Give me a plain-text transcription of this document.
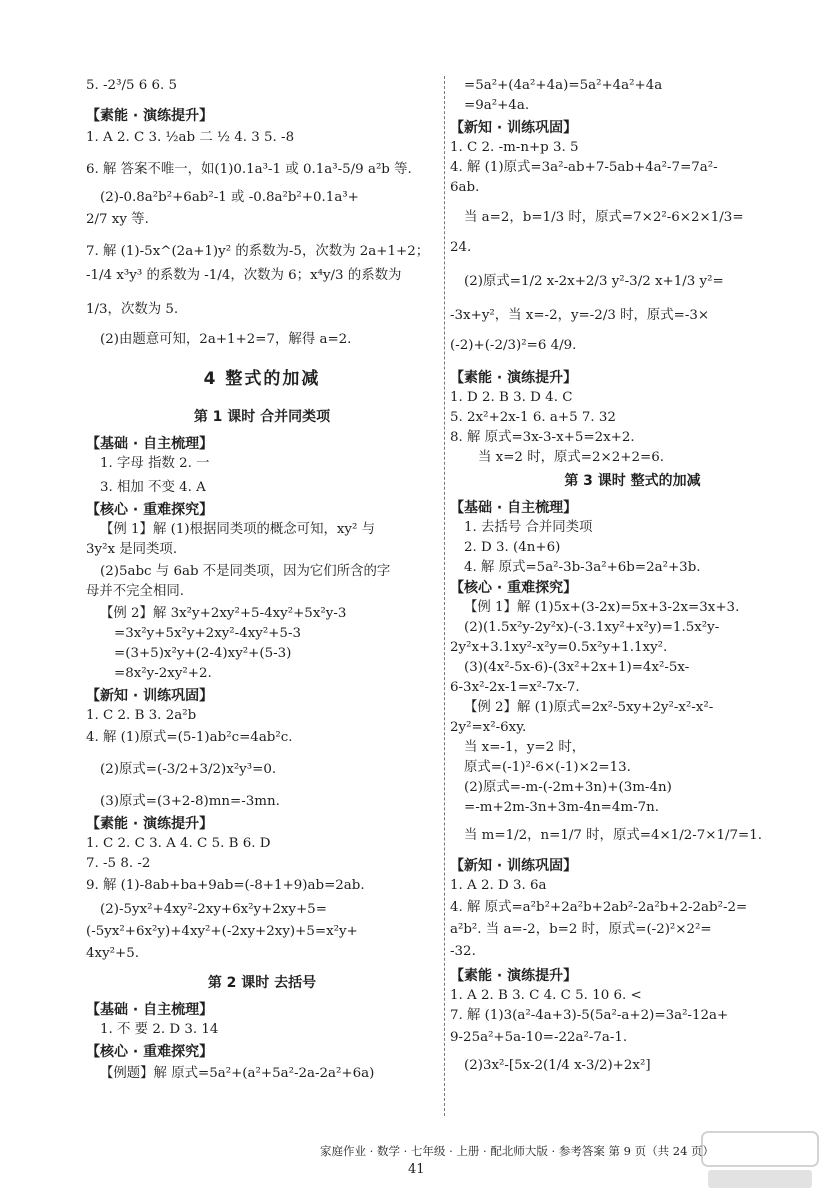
5. -2³/5 6 6. 5
【素能 · 演练提升】
1. A 2. C 3. ½ab 二 ½ 4. 3 5. -8
6. 解 答案不唯一，如(1)0.1a³-1 或 0.1a³-5/9 a²b 等.
(2)-0.8a²b²+6ab²-1 或 -0.8a²b²+0.1a³+
2/7 xy 等.
7. 解 (1)-5x^(2a+1)y² 的系数为-5，次数为 2a+1+2；
-1/4 x³y³ 的系数为 -1/4，次数为 6；x⁴y/3 的系数为
1/3，次数为 5.
(2)由题意可知，2a+1+2=7，解得 a=2.
4 整式的加减
第 1 课时 合并同类项
【基础 · 自主梳理】
1. 字母 指数 2. 一
3. 相加 不变 4. A
【核心 · 重难探究】
【例 1】解 (1)根据同类项的概念可知，xy² 与
3y²x 是同类项.
(2)5abc 与 6ab 不是同类项，因为它们所含的字
母并不完全相同.
【例 2】解 3x²y+2xy²+5-4xy²+5x²y-3
=3x²y+5x²y+2xy²-4xy²+5-3
=(3+5)x²y+(2-4)xy²+(5-3)
=8x²y-2xy²+2.
【新知 · 训练巩固】
1. C 2. B 3. 2a²b
4. 解 (1)原式=(5-1)ab²c=4ab²c.
(2)原式=(-3/2+3/2)x²y³=0.
(3)原式=(3+2-8)mn=-3mn.
【素能 · 演练提升】
1. C 2. C 3. A 4. C 5. B 6. D
7. -5 8. -2
9. 解 (1)-8ab+ba+9ab=(-8+1+9)ab=2ab.
(2)-5yx²+4xy²-2xy+6x²y+2xy+5=
(-5yx²+6x²y)+4xy²+(-2xy+2xy)+5=x²y+
4xy²+5.
第 2 课时 去括号
【基础 · 自主梳理】
1. 不 要 2. D 3. 14
【核心 · 重难探究】
【例题】解 原式=5a²+(a²+5a²-2a-2a²+6a)
=5a²+(4a²+4a)=5a²+4a²+4a
=9a²+4a.
【新知 · 训练巩固】
1. C 2. -m-n+p 3. 5
4. 解 (1)原式=3a²-ab+7-5ab+4a²-7=7a²-
6ab.
当 a=2，b=1/3 时，原式=7×2²-6×2×1/3=
24.
(2)原式=1/2 x-2x+2/3 y²-3/2 x+1/3 y²=
-3x+y²，当 x=-2，y=-2/3 时，原式=-3×
(-2)+(-2/3)²=6 4/9.
【素能 · 演练提升】
1. D 2. B 3. D 4. C
5. 2x²+2x-1 6. a+5 7. 32
8. 解 原式=3x-3-x+5=2x+2.
当 x=2 时，原式=2×2+2=6.
第 3 课时 整式的加减
【基础 · 自主梳理】
1. 去括号 合并同类项
2. D 3. (4n+6)
4. 解 原式=5a²-3b-3a²+6b=2a²+3b.
【核心 · 重难探究】
【例 1】解 (1)5x+(3-2x)=5x+3-2x=3x+3.
(2)(1.5x²y-2y²x)-(-3.1xy²+x²y)=1.5x²y-
2y²x+3.1xy²-x²y=0.5x²y+1.1xy².
(3)(4x²-5x-6)-(3x²+2x+1)=4x²-5x-
6-3x²-2x-1=x²-7x-7.
【例 2】解 (1)原式=2x²-5xy+2y²-x²-x²-
2y²=x²-6xy.
当 x=-1，y=2 时，
原式=(-1)²-6×(-1)×2=13.
(2)原式=-m-(-2m+3n)+(3m-4n)
=-m+2m-3n+3m-4n=4m-7n.
当 m=1/2，n=1/7 时，原式=4×1/2-7×1/7=1.
【新知 · 训练巩固】
1. A 2. D 3. 6a
4. 解 原式=a²b²+2a²b+2ab²-2a²b+2-2ab²-2=
a²b². 当 a=-2，b=2 时，原式=(-2)²×2²=
-32.
【素能 · 演练提升】
1. A 2. B 3. C 4. C 5. 10 6. <
7. 解 (1)3(a²-4a+3)-5(5a²-a+2)=3a²-12a+
9-25a²+5a-10=-22a²-7a-1.
(2)3x²-[5x-2(1/4 x-3/2)+2x²]
家庭作业 · 数学 · 七年级 · 上册 · 配北师大版 · 参考答案 第 9 页（共 24 页）
41
